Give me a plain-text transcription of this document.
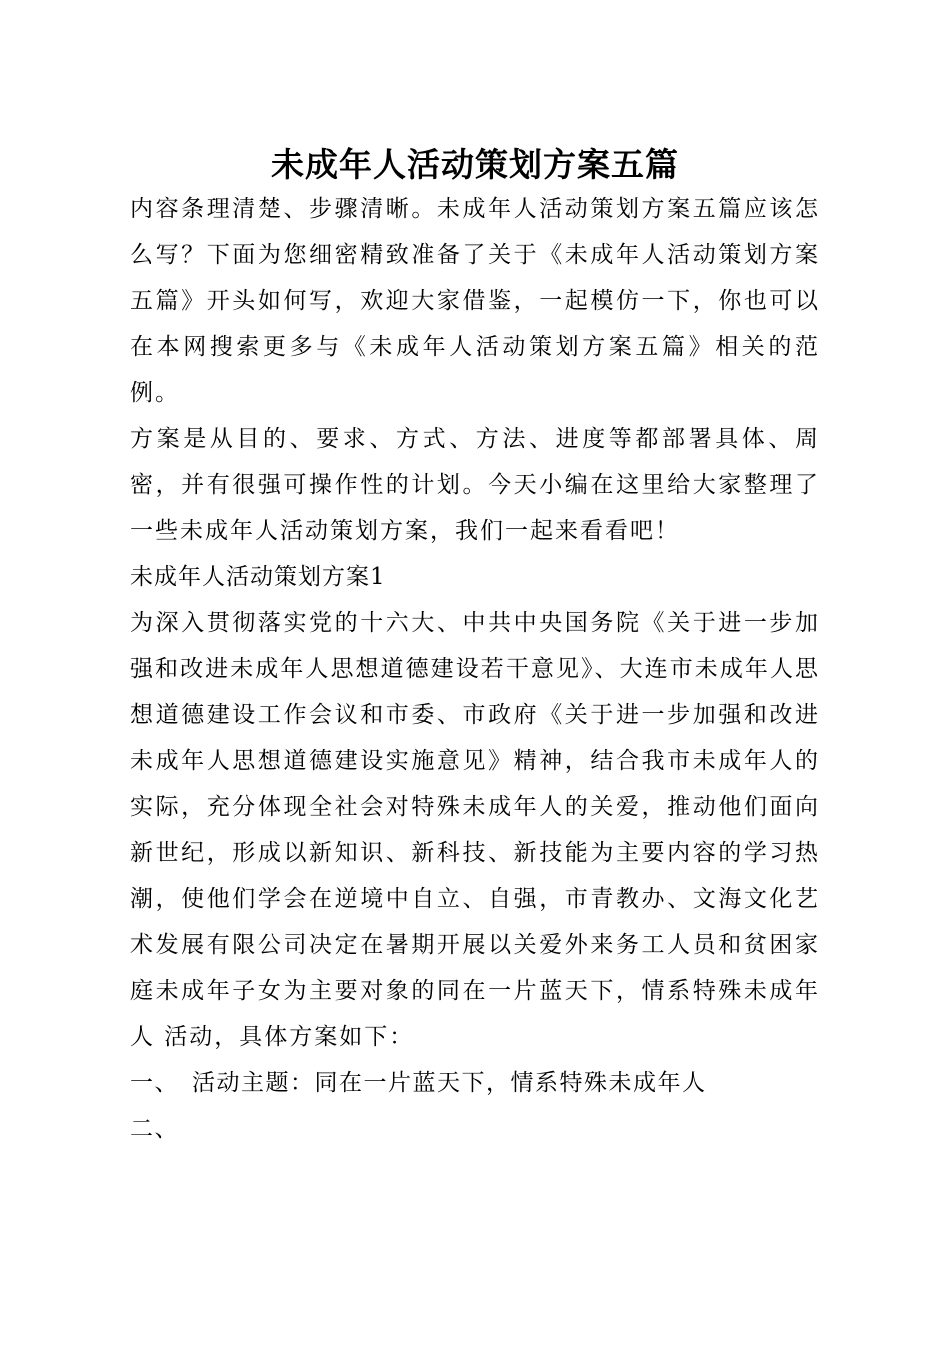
未成年人活动策划方案五篇

内容条理清楚、步骤清晰。未成年人活动策划方案五篇应该怎么写？下面为您细密精致准备了关于《未成年人活动策划方案五篇》开头如何写，欢迎大家借鉴，一起模仿一下，你也可以在本网搜索更多与《未成年人活动策划方案五篇》相关的范例。

方案是从目的、要求、方式、方法、进度等都部署具体、周密，并有很强可操作性的计划。今天小编在这里给大家整理了一些未成年人活动策划方案，我们一起来看看吧！

未成年人活动策划方案1

为深入贯彻落实党的十六大、中共中央国务院《关于进一步加强和改进未成年人思想道德建设若干意见》、大连市未成年人思想道德建设工作会议和市委、市政府《关于进一步加强和改进未成年人思想道德建设实施意见》精神，结合我市未成年人的实际，充分体现全社会对特殊未成年人的关爱，推动他们面向新世纪，形成以新知识、新科技、新技能为主要内容的学习热潮，使他们学会在逆境中自立、自强，市青教办、文海文化艺术发展有限公司决定在暑期开展以关爱外来务工人员和贫困家庭未成年子女为主要对象的同在一片蓝天下，情系特殊未成年人 活动，具体方案如下：

一、 活动主题：同在一片蓝天下，情系特殊未成年人

二、
